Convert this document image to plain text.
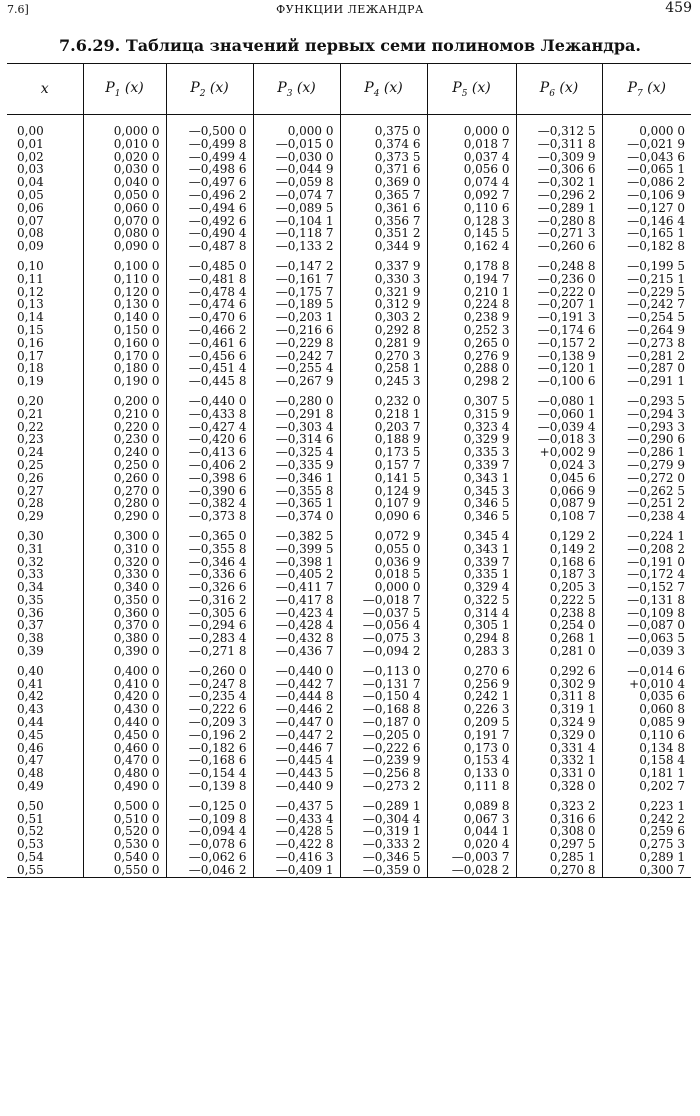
7.6]	ФУНКЦИИ ЛЕЖАНДРА	459
7.6.29. Таблица значений первых семи полиномов Лежандра.
x	$P_1$ (x)	$P_2$ (x)	$P_3$ (x)	$P_4$ (x)	$P_5$ (x)	$P_6$ (x)	$P_7$ (x)

0,00	0,000 0	—0,500 0	0,000 0	0,375 0	0,000 0	—0,312 5	0,000 0
0,01	0,010 0	—0,499 8	—0,015 0	0,374 6	0,018 7	—0,311 8	—0,021 9
0,02	0,020 0	—0,499 4	—0,030 0	0,373 5	0,037 4	—0,309 9	—0,043 6
0,03	0,030 0	—0,498 6	—0,044 9	0,371 6	0,056 0	—0,306 6	—0,065 1
0,04	0,040 0	—0,497 6	—0,059 8	0,369 0	0,074 4	—0,302 1	—0,086 2
0,05	0,050 0	—0,496 2	—0,074 7	0,365 7	0,092 7	—0,296 2	—0,106 9
0,06	0,060 0	—0,494 6	—0,089 5	0,361 6	0,110 6	—0,289 1	—0,127 0
0,07	0,070 0	—0,492 6	—0,104 1	0,356 7	0,128 3	—0,280 8	—0,146 4
0,08	0,080 0	—0,490 4	—0,118 7	0,351 2	0,145 5	—0,271 3	—0,165 1
0,09	0,090 0	—0,487 8	—0,133 2	0,344 9	0,162 4	—0,260 6	—0,182 8
0,10	0,100 0	—0,485 0	—0,147 2	0,337 9	0,178 8	—0,248 8	—0,199 5
0,11	0,110 0	—0,481 8	—0,161 7	0,330 3	0,194 7	—0,236 0	—0,215 1
0,12	0,120 0	—0,478 4	—0,175 7	0,321 9	0,210 1	—0,222 0	—0,229 5
0,13	0,130 0	—0,474 6	—0,189 5	0,312 9	0,224 8	—0,207 1	—0,242 7
0,14	0,140 0	—0,470 6	—0,203 1	0,303 2	0,238 9	—0,191 3	—0,254 5
0,15	0,150 0	—0,466 2	—0,216 6	0,292 8	0,252 3	—0,174 6	—0,264 9
0,16	0,160 0	—0,461 6	—0,229 8	0,281 9	0,265 0	—0,157 2	—0,273 8
0,17	0,170 0	—0,456 6	—0,242 7	0,270 3	0,276 9	—0,138 9	—0,281 2
0,18	0,180 0	—0,451 4	—0,255 4	0,258 1	0,288 0	—0,120 1	—0,287 0
0,19	0,190 0	—0,445 8	—0,267 9	0,245 3	0,298 2	—0,100 6	—0,291 1
0,20	0,200 0	—0,440 0	—0,280 0	0,232 0	0,307 5	—0,080 1	—0,293 5
0,21	0,210 0	—0,433 8	—0,291 8	0,218 1	0,315 9	—0,060 1	—0,294 3
0,22	0,220 0	—0,427 4	—0,303 4	0,203 7	0,323 4	—0,039 4	—0,293 3
0,23	0,230 0	—0,420 6	—0,314 6	0,188 9	0,329 9	—0,018 3	—0,290 6
0,24	0,240 0	—0,413 6	—0,325 4	0,173 5	0,335 3	+0,002 9	—0,286 1
0,25	0,250 0	—0,406 2	—0,335 9	0,157 7	0,339 7	0,024 3	—0,279 9
0,26	0,260 0	—0,398 6	—0,346 1	0,141 5	0,343 1	0,045 6	—0,272 0
0,27	0,270 0	—0,390 6	—0,355 8	0,124 9	0,345 3	0,066 9	—0,262 5
0,28	0,280 0	—0,382 4	—0,365 1	0,107 9	0,346 5	0,087 9	—0,251 2
0,29	0,290 0	—0,373 8	—0,374 0	0,090 6	0,346 5	0,108 7	—0,238 4
0,30	0,300 0	—0,365 0	—0,382 5	0,072 9	0,345 4	0,129 2	—0,224 1
0,31	0,310 0	—0,355 8	—0,399 5	0,055 0	0,343 1	0,149 2	—0,208 2
0,32	0,320 0	—0,346 4	—0,398 1	0,036 9	0,339 7	0,168 6	—0,191 0
0,33	0,330 0	—0,336 6	—0,405 2	0,018 5	0,335 1	0,187 3	—0,172 4
0,34	0,340 0	—0,326 6	—0,411 7	0,000 0	0,329 4	0,205 3	—0,152 7
0,35	0,350 0	—0,316 2	—0,417 8	—0,018 7	0,322 5	0,222 5	—0,131 8
0,36	0,360 0	—0,305 6	—0,423 4	—0,037 5	0,314 4	0,238 8	—0,109 8
0,37	0,370 0	—0,294 6	—0,428 4	—0,056 4	0,305 1	0,254 0	—0,087 0
0,38	0,380 0	—0,283 4	—0,432 8	—0,075 3	0,294 8	0,268 1	—0,063 5
0,39	0,390 0	—0,271 8	—0,436 7	—0,094 2	0,283 3	0,281 0	—0,039 3
0,40	0,400 0	—0,260 0	—0,440 0	—0,113 0	0,270 6	0,292 6	—0,014 6
0,41	0,410 0	—0,247 8	—0,442 7	—0,131 7	0,256 9	0,302 9	+0,010 4
0,42	0,420 0	—0,235 4	—0,444 8	—0,150 4	0,242 1	0,311 8	0,035 6
0,43	0,430 0	—0,222 6	—0,446 2	—0,168 8	0,226 3	0,319 1	0,060 8
0,44	0,440 0	—0,209 3	—0,447 0	—0,187 0	0,209 5	0,324 9	0,085 9
0,45	0,450 0	—0,196 2	—0,447 2	—0,205 0	0,191 7	0,329 0	0,110 6
0,46	0,460 0	—0,182 6	—0,446 7	—0,222 6	0,173 0	0,331 4	0,134 8
0,47	0,470 0	—0,168 6	—0,445 4	—0,239 9	0,153 4	0,332 1	0,158 4
0,48	0,480 0	—0,154 4	—0,443 5	—0,256 8	0,133 0	0,331 0	0,181 1
0,49	0,490 0	—0,139 8	—0,440 9	—0,273 2	0,111 8	0,328 0	0,202 7
0,50	0,500 0	—0,125 0	—0,437 5	—0,289 1	0,089 8	0,323 2	0,223 1
0,51	0,510 0	—0,109 8	—0,433 4	—0,304 4	0,067 3	0,316 6	0,242 2
0,52	0,520 0	—0,094 4	—0,428 5	—0,319 1	0,044 1	0,308 0	0,259 6
0,53	0,530 0	—0,078 6	—0,422 8	—0,333 2	0,020 4	0,297 5	0,275 3
0,54	0,540 0	—0,062 6	—0,416 3	—0,346 5	—0,003 7	0,285 1	0,289 1
0,55	0,550 0	—0,046 2	—0,409 1	—0,359 0	—0,028 2	0,270 8	0,300 7
